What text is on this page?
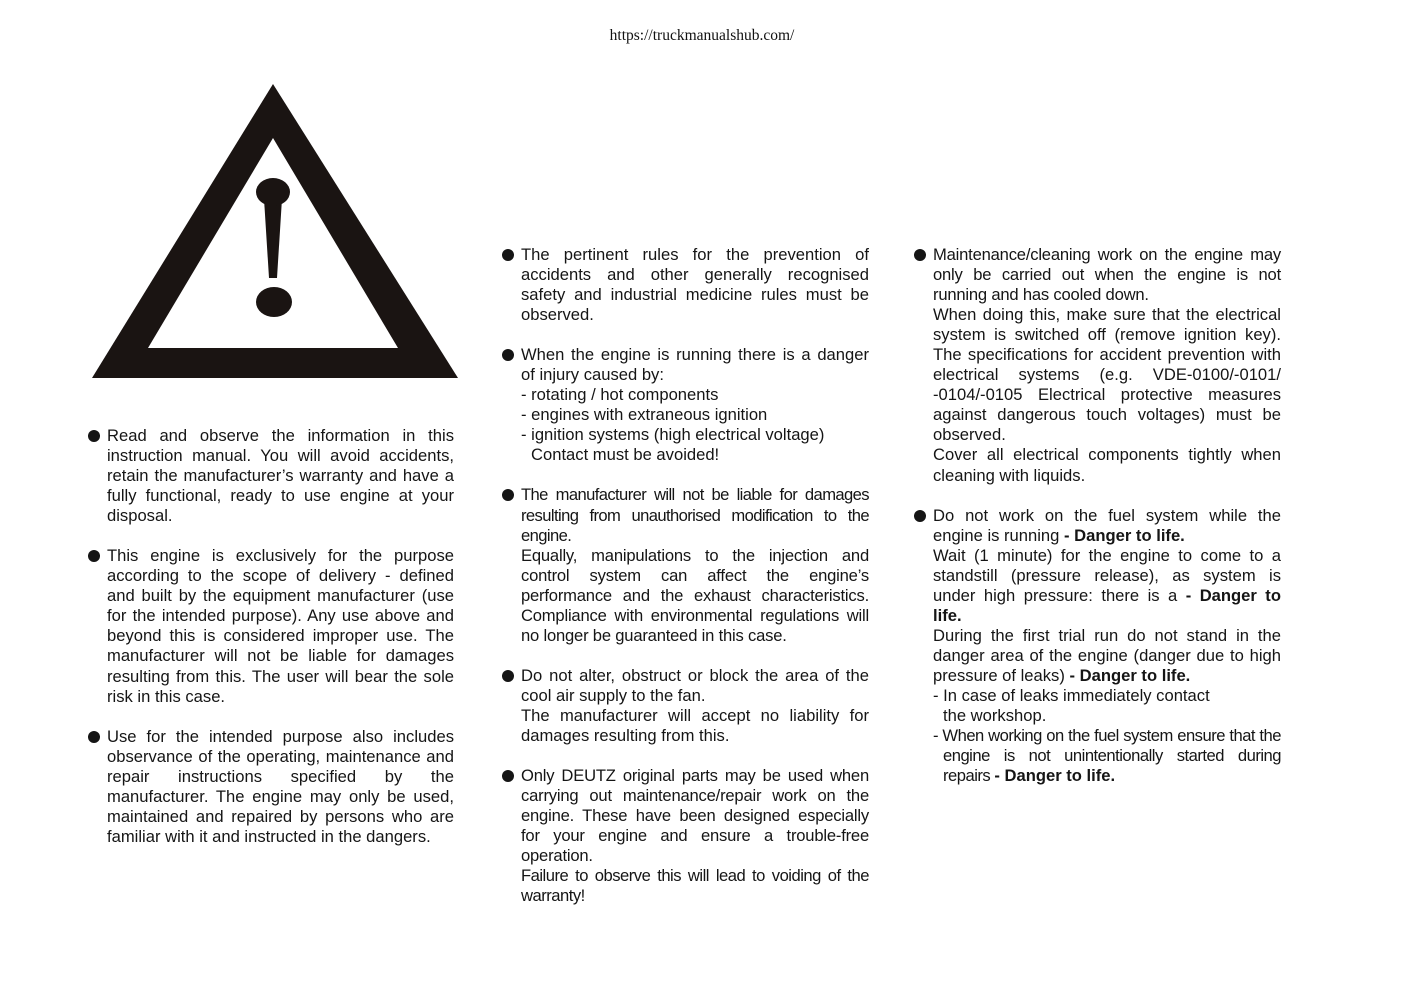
https://truckmanualshub.com/

Read and observe the information in this instruction manual. You will avoid accidents, retain the manufacturer’s warranty and have a fully functional, ready to use engine at your disposal.

This engine is exclusively for the purpose according to the scope of delivery - defined and built by the equipment manufacturer (use for the intended purpose). Any use above and beyond this is considered improper use. The manufacturer will not be liable for damages resulting from this. The user will bear the sole risk in this case.

Use for the intended purpose also includes observance of the operating, maintenance and repair instructions specified by the manufacturer. The engine may only be used, maintained and repaired by persons who are familiar with it and instructed in the dangers.

The pertinent rules for the prevention of accidents and other generally recognised safety and industrial medicine rules must be observed.

When the engine is running there is a danger of injury caused by:

- rotating / hot components

- engines with extraneous ignition

- ignition systems (high electrical voltage)

Contact must be avoided!

The manufacturer will not be liable for damages resulting from unauthorised modification to the engine.

Equally, manipulations to the injection and control system can affect the engine’s performance and the exhaust characteristics. Compliance with environmental regulations will no longer be guaranteed in this case.

Do not alter, obstruct or block the area of the cool air supply to the fan.

The manufacturer will accept no liability for damages resulting from this.

Only DEUTZ original parts may be used when carrying out maintenance/repair work on the engine. These have been designed especially for your engine and ensure a trouble-free operation.

Failure to observe this will lead to voiding of the warranty!

Maintenance/cleaning work on the engine may only be carried out when the engine is not running and has cooled down.

When doing this, make sure that the electrical system is switched off (remove ignition key). The specifications for accident prevention with electrical systems (e.g. VDE-0100/-0101/ -0104/-0105 Electrical protective measures against dangerous touch voltages) must be observed.

Cover all electrical components tightly when cleaning with liquids.

Do not work on the fuel system while the engine is running - Danger to life.

Wait (1 minute) for the engine to come to a standstill (pressure release), as system is under high pressure: there is a - Danger to life.

During the first trial run do not stand in the danger area of the engine (danger due to high pressure of leaks) - Danger to life.

- In case of leaks immediately contact the workshop.

- When working on the fuel system ensure that the engine is not unintentionally started during repairs - Danger to life.
